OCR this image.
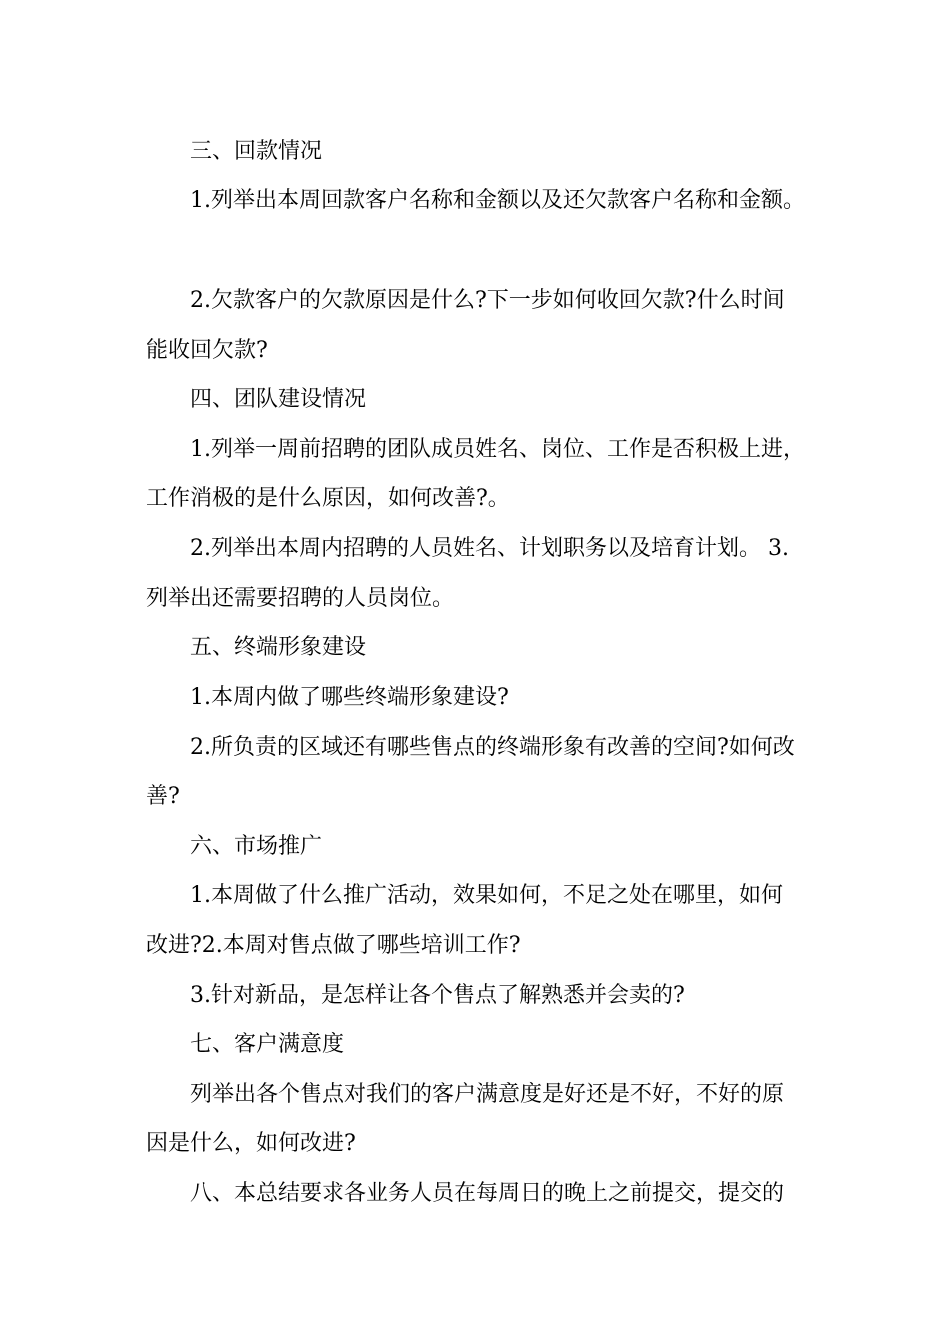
三、回款情况
1.列举出本周回款客户名称和金额以及还欠款客户名称和金额。
2.欠款客户的欠款原因是什么?下一步如何收回欠款?什么时间
能收回欠款?
四、团队建设情况
1.列举一周前招聘的团队成员姓名、岗位、工作是否积极上进，
工作消极的是什么原因，如何改善?。
2.列举出本周内招聘的人员姓名、计划职务以及培育计划。 3.
列举出还需要招聘的人员岗位。
五、终端形象建设
1.本周内做了哪些终端形象建设?
2.所负责的区域还有哪些售点的终端形象有改善的空间?如何改
善?
六、市场推广
1.本周做了什么推广活动，效果如何，不足之处在哪里，如何
改进?2.本周对售点做了哪些培训工作?
3.针对新品，是怎样让各个售点了解熟悉并会卖的?
七、客户满意度
列举出各个售点对我们的客户满意度是好还是不好，不好的原
因是什么，如何改进?
八、本总结要求各业务人员在每周日的晚上之前提交，提交的
